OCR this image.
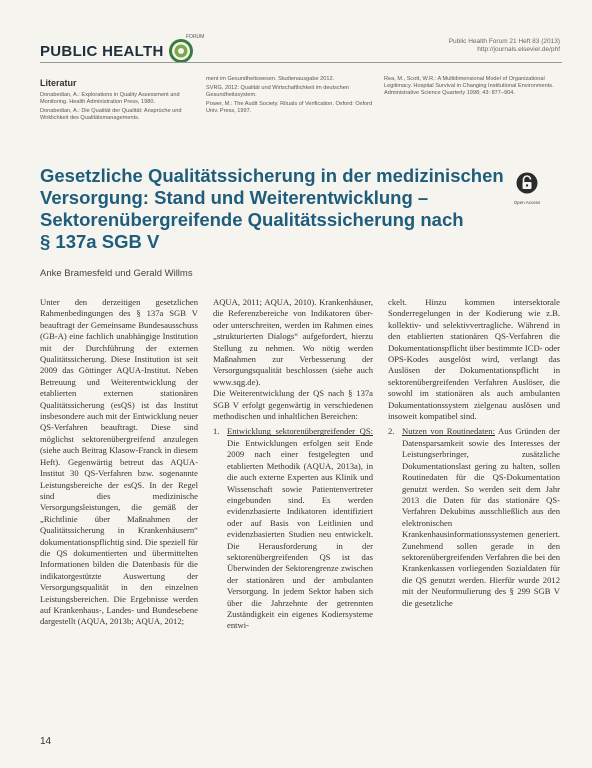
PUBLIC HEALTH
FORUM
Public Health Forum 21 Heft 83 (2013)
http://journals.elsevier.de/phf
Literatur

Donabedian, A.: Explorations in Quality Assessment and Monitoring. Health Administration Press, 1980.

Donabedian, A.: Die Qualität der Qualität: Ansprüche und Wirklichkeit des Qualitätsmanagements.

ment im Gesundheitswesen. Studienausgabe 2012.

SVRG, 2012: Qualität und Wirtschaftlichkeit im deutschen Gesundheitssystem.

Power, M.: The Audit Society. Rituals of Verification. Oxford: Oxford Univ. Press, 1997.

Rea, M., Scott, W.R.: A Multidimensional Model of Organizational Legitimacy. Hospital Survival in Changing Institutional Environments. Administrative Science Quarterly 1998; 43: 877–904.

Gesetzliche Qualitätssicherung in der medizinischen
Versorgung: Stand und Weiterentwicklung –
Sektorenübergreifende Qualitätssicherung nach
§ 137a SGB V
Open Access
Anke Bramesfeld und Gerald Willms

Unter den derzeitigen gesetzlichen Rahmenbedingungen des § 137a SGB V beauftragt der Gemeinsame Bundesausschuss (GB-A) eine fachlich unabhängige Institution mit der Durchführung der externen Qualitätssicherung. Diese Institution ist seit 2009 das Göttinger AQUA-Institut. Neben Betreuung und Weiterentwicklung der etablierten externen stationären Qualitätssicherung (esQS) ist das Institut insbesondere auch mit der Entwicklung neuer QS-Verfahren beauftragt. Diese sind möglichst sektorenübergreifend anzulegen (siehe auch Beitrag Klasow-Franck in diesem Heft). Gegenwärtig betreut das AQUA-Institut 30 QS-Verfahren bzw. sogenannte Leistungsbereiche der esQS. In der Regel sind dies medizinische Versorgungsleistungen, die gemäß der „Richtlinie über Maßnahmen der Qualitätssicherung in Krankenhäusern“ dokumentationspflichtig sind. Die speziell für die QS dokumentierten und übermittelten Informationen bilden die Datenbasis für die indikatorgestützte Auswertung der Versorgungsqualität in den einzelnen Leistungsbereichen. Die Ergebnisse werden auf Krankenhaus-, Landes- und Bundesebene dargestellt (AQUA, 2013b; AQUA, 2012;

AQUA, 2011; AQUA, 2010). Krankenhäuser, die Referenzbereiche von Indikatoren über- oder unterschreiten, werden im Rahmen eines „strukturierten Dialogs“ aufgefordert, hierzu Stellung zu nehmen. Wo nötig werden Maßnahmen zur Verbesserung der Versorgungsqualität beschlossen (siehe auch www.sqg.de).

Die Weiterentwicklung der QS nach § 137a SGB V erfolgt gegenwärtig in verschiedenen methodischen und inhaltlichen Bereichen:

1. Entwicklung sektorenübergreifender QS: Die Entwicklungen erfolgen seit Ende 2009 nach einer festgelegten und etablierten Methodik (AQUA, 2013a), in die auch externe Experten aus Klinik und Wissenschaft sowie Patientenvertreter eingebunden sind. Es werden evidenzbasierte Indikatoren identifiziert oder auf Basis von Leitlinien und evidenzbasierten Studien neu entwickelt. Die Herausforderung in der sektorenübergreifenden QS ist das Überwinden der Sektorengrenze zwischen der stationären und der ambulanten Versorgung. In jedem Sektor haben sich über die Jahrzehnte der getrennten Zuständigkeit ein eigenes Kodiersysteme entwi-

ckelt. Hinzu kommen intersektorale Sonderregelungen in der Kodierung wie z.B. kollektiv- und selektivvertragliche. Während in den etablierten stationären QS-Verfahren die Dokumentationspflicht über bestimmte ICD- oder OPS-Kodes ausgelöst wird, verlangt das Auslösen der Dokumentationspflicht in sektorenübergreifenden Verfahren Auslöser, die sowohl im stationären als auch ambulanten Dokumentationssystem zielgenau auslösen und insoweit kompatibel sind.

2. Nutzen von Routinedaten: Aus Gründen der Datensparsamkeit sowie des Interesses der Leistungserbringer, zusätzliche Dokumentationslast gering zu halten, sollen Routinedaten für die QS-Dokumentation genutzt werden. So werden seit dem Jahr 2013 die Daten für das stationäre QS-Verfahren Dekubitus ausschließlich aus den elektronischen Krankenhausinformationssystemen generiert. Zunehmend sollen gerade in den sektorenübergreifenden Verfahren die bei den Krankenkassen vorliegenden Sozialdaten für die QS genutzt werden. Hierfür wurde 2012 mit der Neuformulierung des § 299 SGB V die gesetzliche
14
